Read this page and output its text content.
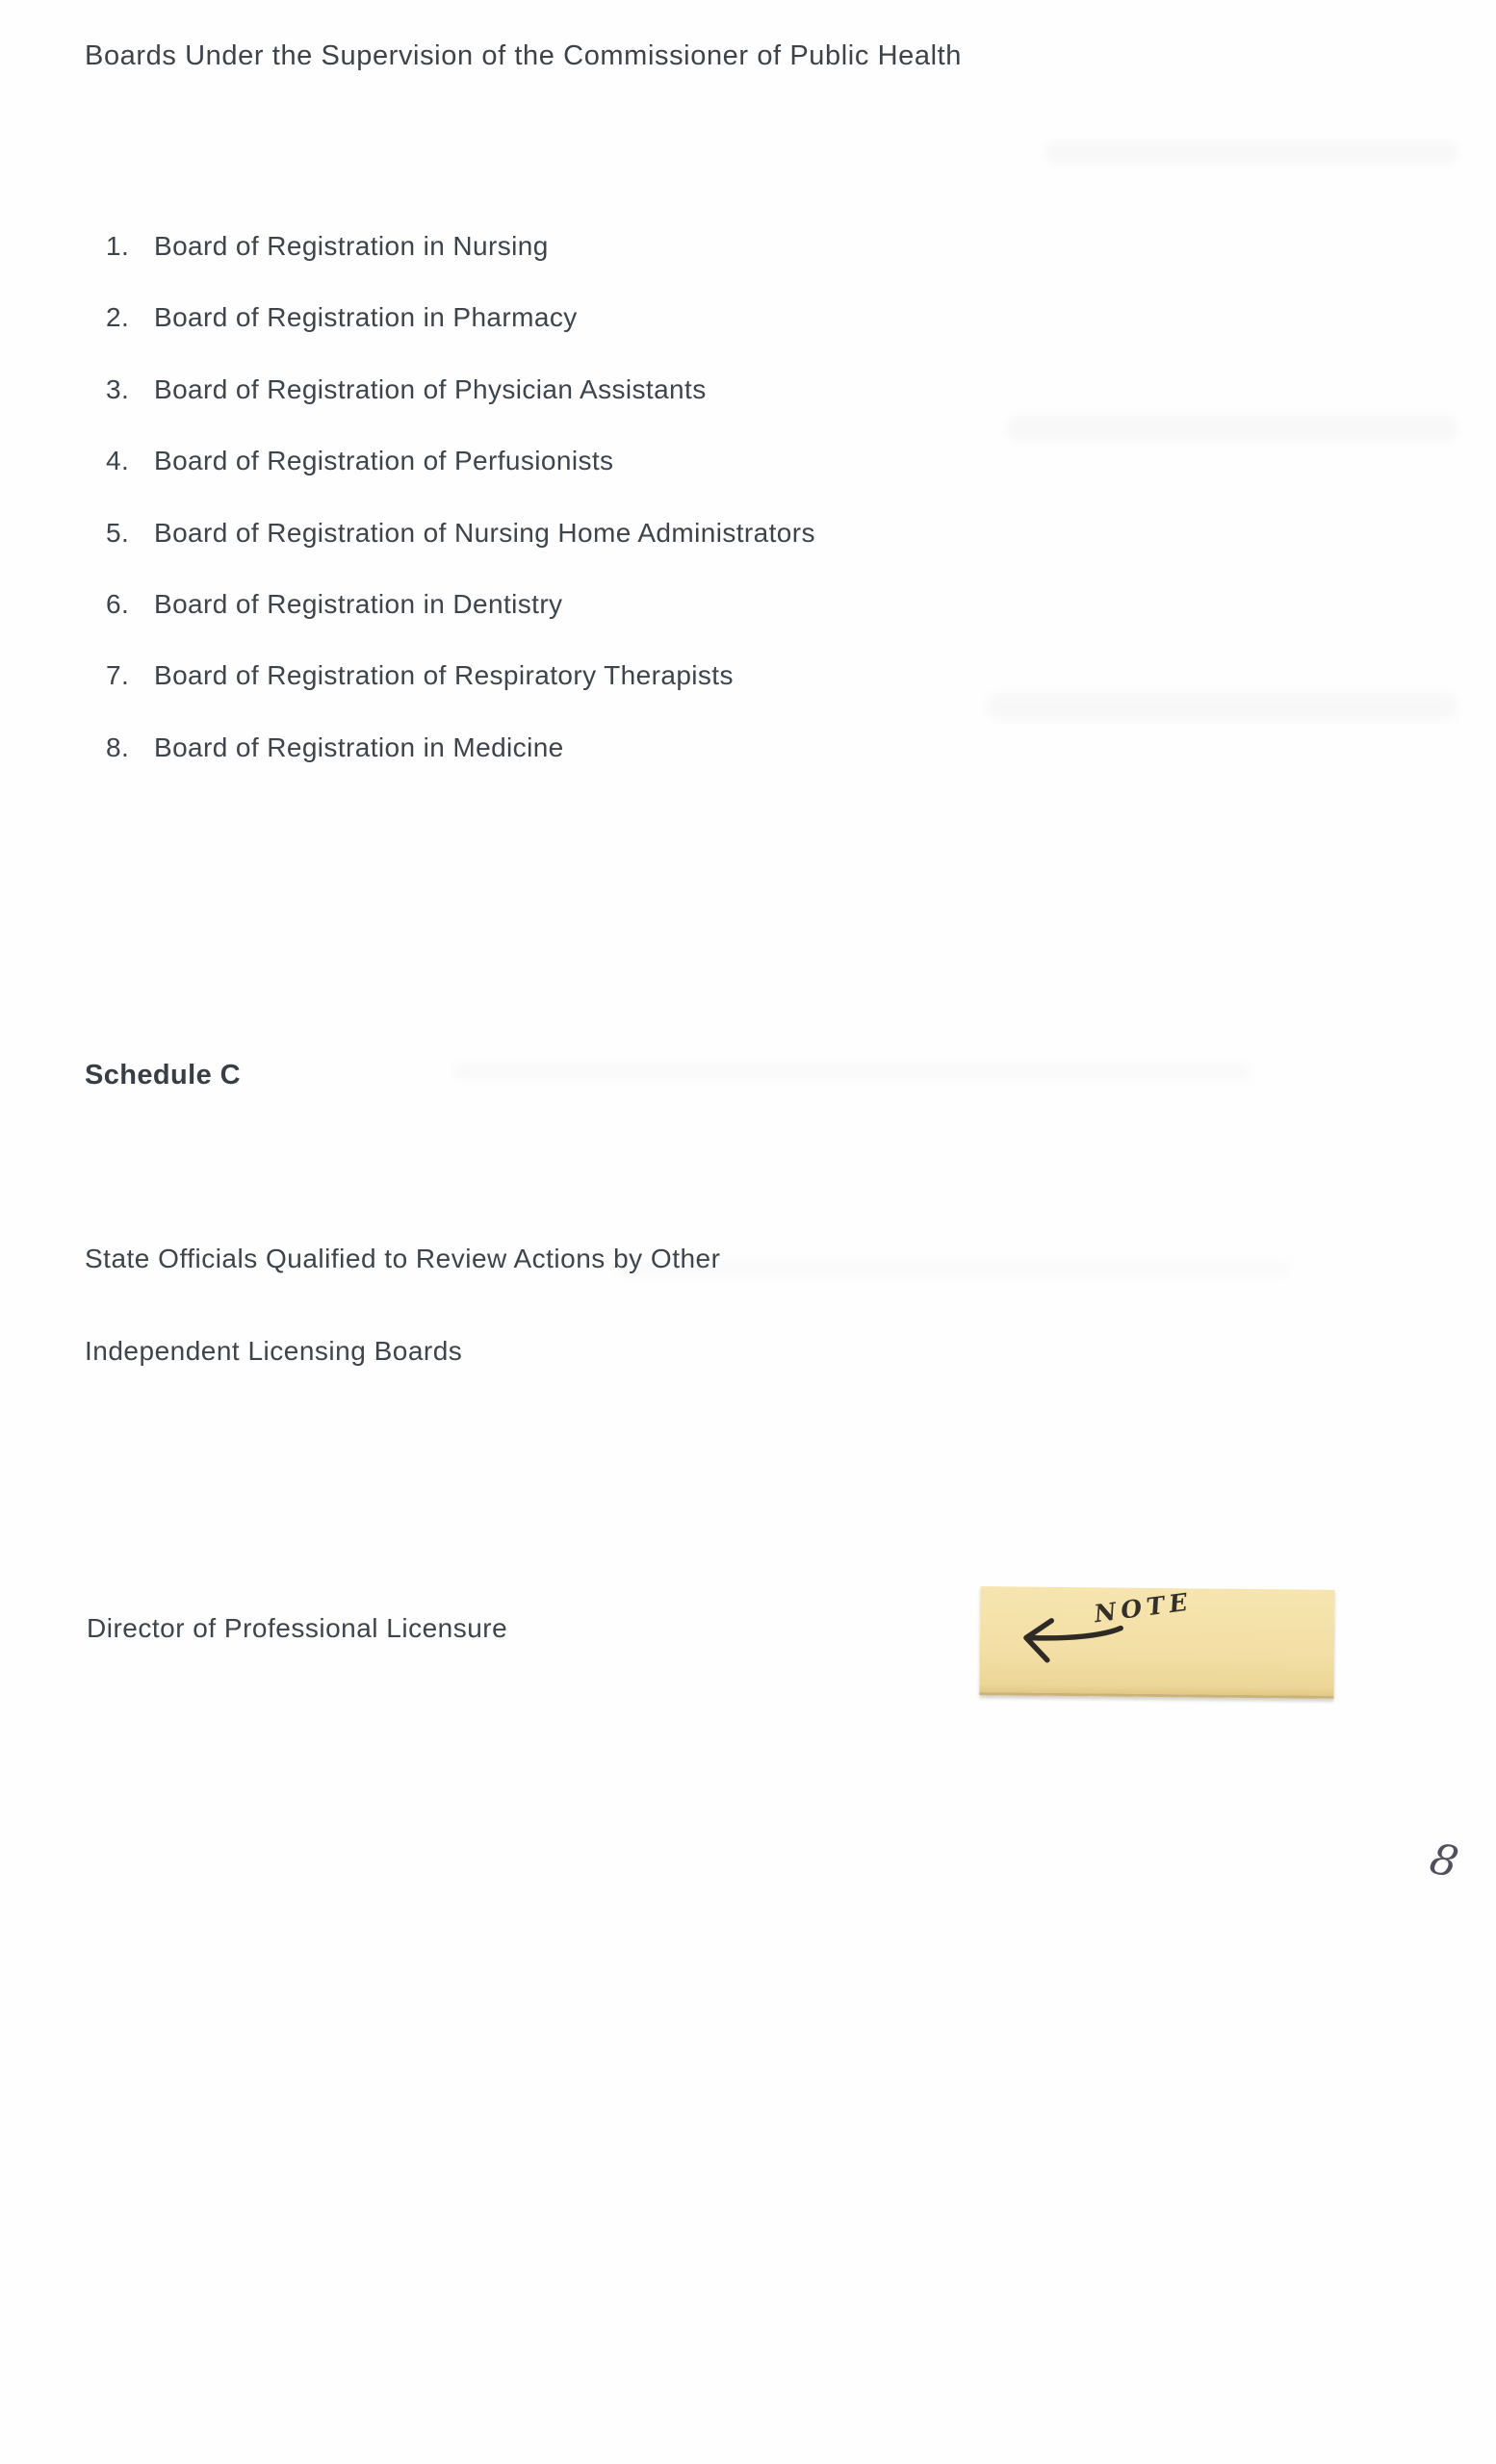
Boards Under the Supervision of the Commissioner of Public Health
1. Board of Registration in Nursing
2. Board of Registration in Pharmacy
3. Board of Registration of Physician Assistants
4. Board of Registration of Perfusionists
5. Board of Registration of Nursing Home Administrators
6. Board of Registration in Dentistry
7. Board of Registration of Respiratory Therapists
8. Board of Registration in Medicine
Schedule C

State Officials Qualified to Review Actions by Other

Independent Licensing Boards

Director of Professional Licensure

NOTE
8
